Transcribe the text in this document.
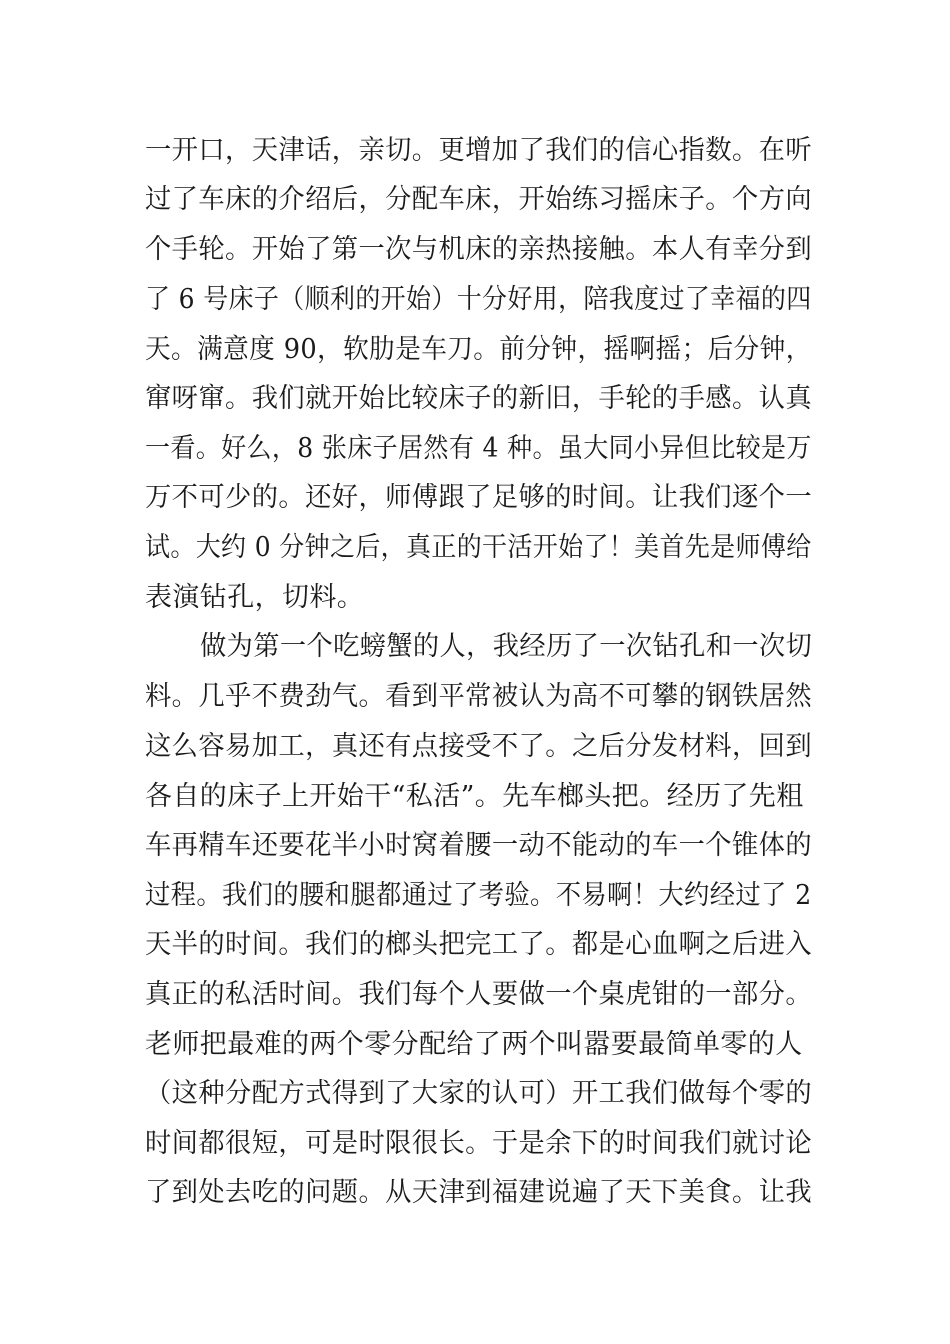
一开口，天津话，亲切。更增加了我们的信心指数。在听
过了车床的介绍后，分配车床，开始练习摇床子。个方向
个手轮。开始了第一次与机床的亲热接触。本人有幸分到
了 6 号床子（顺利的开始）十分好用，陪我度过了幸福的四
天。满意度 90，软肋是车刀。前分钟，摇啊摇；后分钟，
窜呀窜。我们就开始比较床子的新旧，手轮的手感。认真
一看。好么，8 张床子居然有 4 种。虽大同小异但比较是万
万不可少的。还好，师傅跟了足够的时间。让我们逐个一
试。大约 0 分钟之后，真正的干活开始了！美首先是师傅给
表演钻孔，切料。
做为第一个吃螃蟹的人，我经历了一次钻孔和一次切
料。几乎不费劲气。看到平常被认为高不可攀的钢铁居然
这么容易加工，真还有点接受不了。之后分发材料，回到
各自的床子上开始干“私活”。先车榔头把。经历了先粗
车再精车还要花半小时窝着腰一动不能动的车一个锥体的
过程。我们的腰和腿都通过了考验。不易啊！大约经过了 2
天半的时间。我们的榔头把完工了。都是心血啊之后进入
真正的私活时间。我们每个人要做一个桌虎钳的一部分。
老师把最难的两个零分配给了两个叫嚣要最简单零的人
（这种分配方式得到了大家的认可）开工我们做每个零的
时间都很短，可是时限很长。于是余下的时间我们就讨论
了到处去吃的问题。从天津到福建说遍了天下美食。让我
